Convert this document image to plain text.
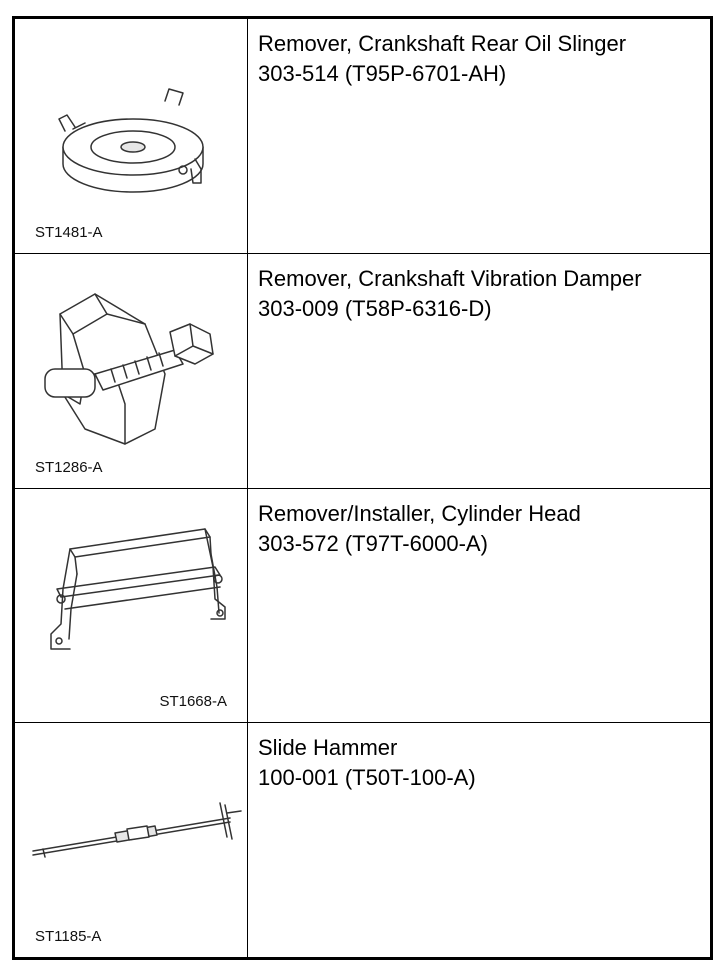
ST1481-A
Remover, Crankshaft Rear Oil Slinger
303-514 (T95P-6701-AH)
ST1286-A
Remover, Crankshaft Vibration Damper
303-009 (T58P-6316-D)
ST1668-A
Remover/Installer, Cylinder Head
303-572 (T97T-6000-A)
ST1185-A
Slide Hammer
100-001 (T50T-100-A)
